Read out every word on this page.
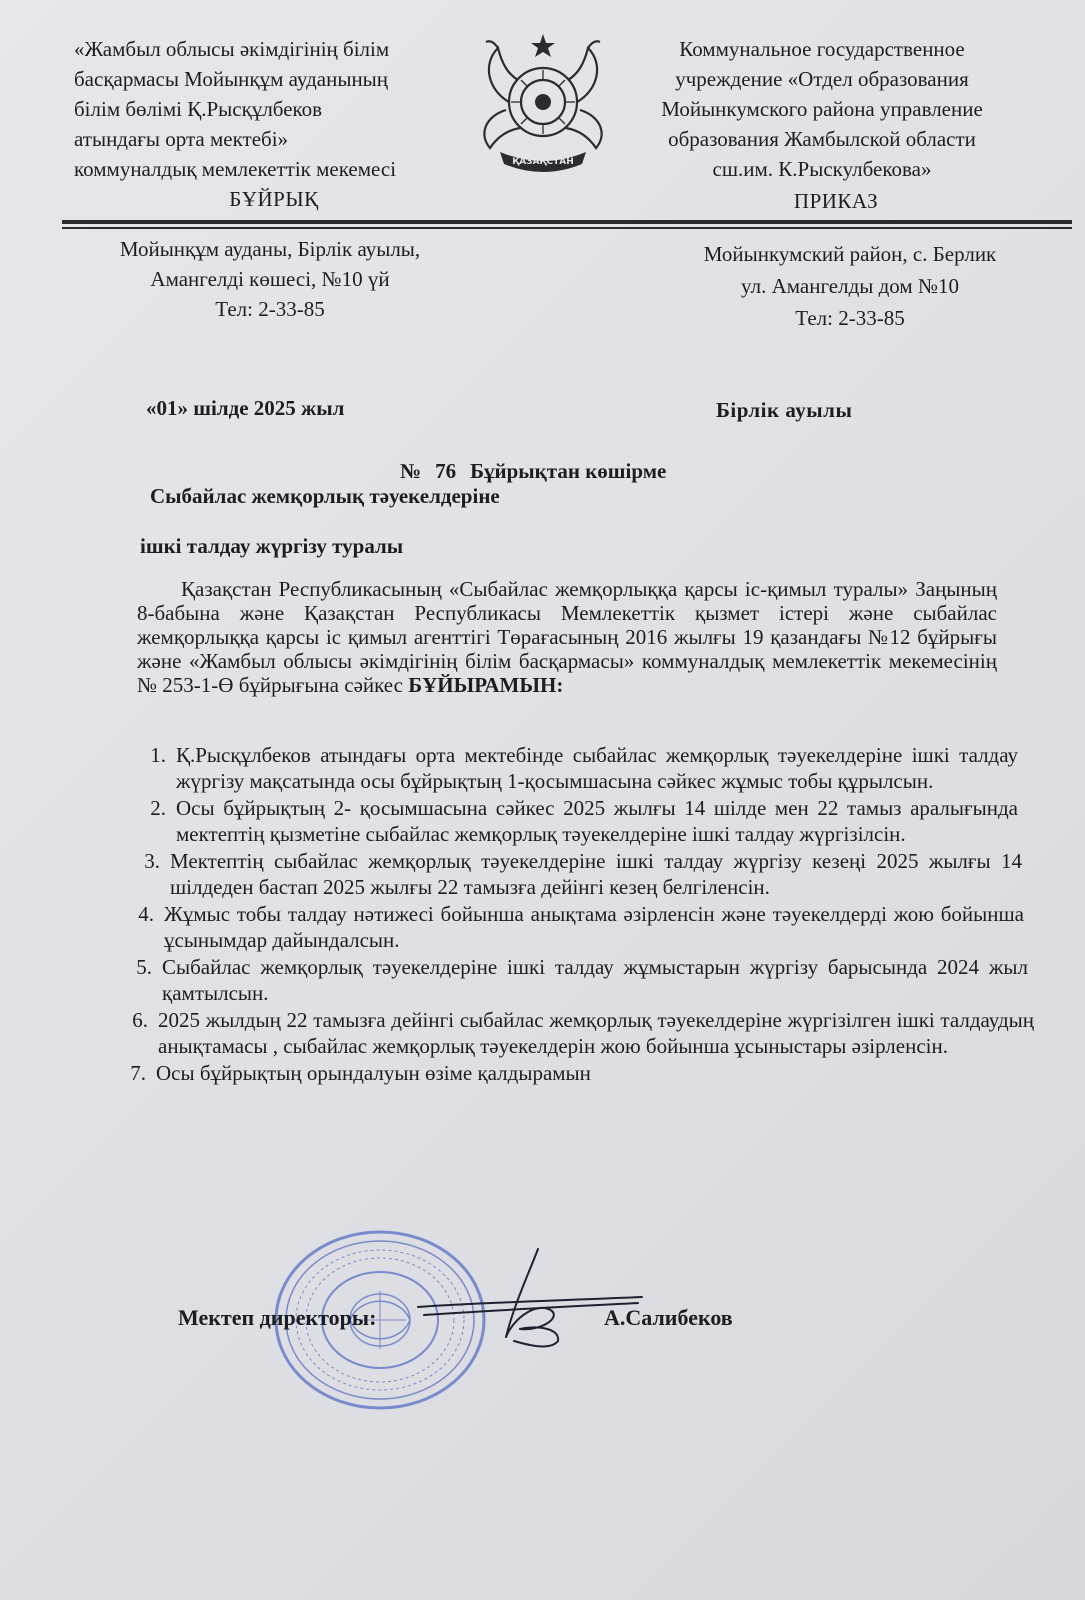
«Жамбыл облысы әкімдігінің білім
басқармасы Мойынқұм ауданының
білім бөлімі Қ.Рысқұлбеков
атындағы орта мектебі»
коммуналдық мемлекеттік мекемесі
БҰЙРЫҚ
ҚАЗАҚСТАН
Коммунальное государственное
учреждение «Отдел образования
Мойынкумского района управление
образования Жамбылской области
сш.им. К.Рыскулбекова»
ПРИКАЗ
Мойынқұм ауданы, Бірлік ауылы,
Амангелді көшесі, №10 үй
Тел: 2-33-85
Мойынкумский район, с. Берлик
ул. Амангелды дом №10
Тел: 2-33-85
«01» шілде 2025 жыл	Бірлік ауылы
№ 76 Бұйрықтан көшірме
Сыбайлас жемқорлық тәуекелдеріне
ішкі талдау жүргізу туралы
Қазақстан Республикасының «Сыбайлас жемқорлыққа қарсы іс-қимыл туралы» Заңының 8-бабына және Қазақстан Республикасы Мемлекеттік қызмет істері және сыбайлас жемқорлыққа қарсы іс қимыл агенттігі Төрағасының 2016 жылғы 19 қазандағы №12 бұйрығы және «Жамбыл облысы әкімдігінің білім басқармасы» коммуналдық мемлекеттік мекемесінің № 253-1-Ө бұйрығына сәйкес БҰЙЫРАМЫН:
1. Қ.Рысқұлбеков атындағы орта мектебінде сыбайлас жемқорлық тәуекелдеріне ішкі талдау жүргізу мақсатында осы бұйрықтың 1-қосымшасына сәйкес жұмыс тобы құрылсын.
2. Осы бұйрықтың 2- қосымшасына сәйкес 2025 жылғы 14 шілде мен 22 тамыз аралығында мектептің қызметіне сыбайлас жемқорлық тәуекелдеріне ішкі талдау жүргізілсін.
3. Мектептің сыбайлас жемқорлық тәуекелдеріне ішкі талдау жүргізу кезеңі 2025 жылғы 14 шілдеден бастап 2025 жылғы 22 тамызға дейінгі кезең белгіленсін.
4. Жұмыс тобы талдау нәтижесі бойынша анықтама әзірленсін және тәуекелдерді жою бойынша ұсынымдар дайындалсын.
5. Сыбайлас жемқорлық тәуекелдеріне ішкі талдау жұмыстарын жүргізу барысында 2024 жыл қамтылсын.
6. 2025 жылдың 22 тамызға дейінгі сыбайлас жемқорлық тәуекелдеріне жүргізілген ішкі талдаудың анықтамасы , сыбайлас жемқорлық тәуекелдерін жою бойынша ұсыныстары әзірленсін.
7. Осы бұйрықтың орындалуын өзіме қалдырамын
Мектеп директоры:	А.Салибеков
